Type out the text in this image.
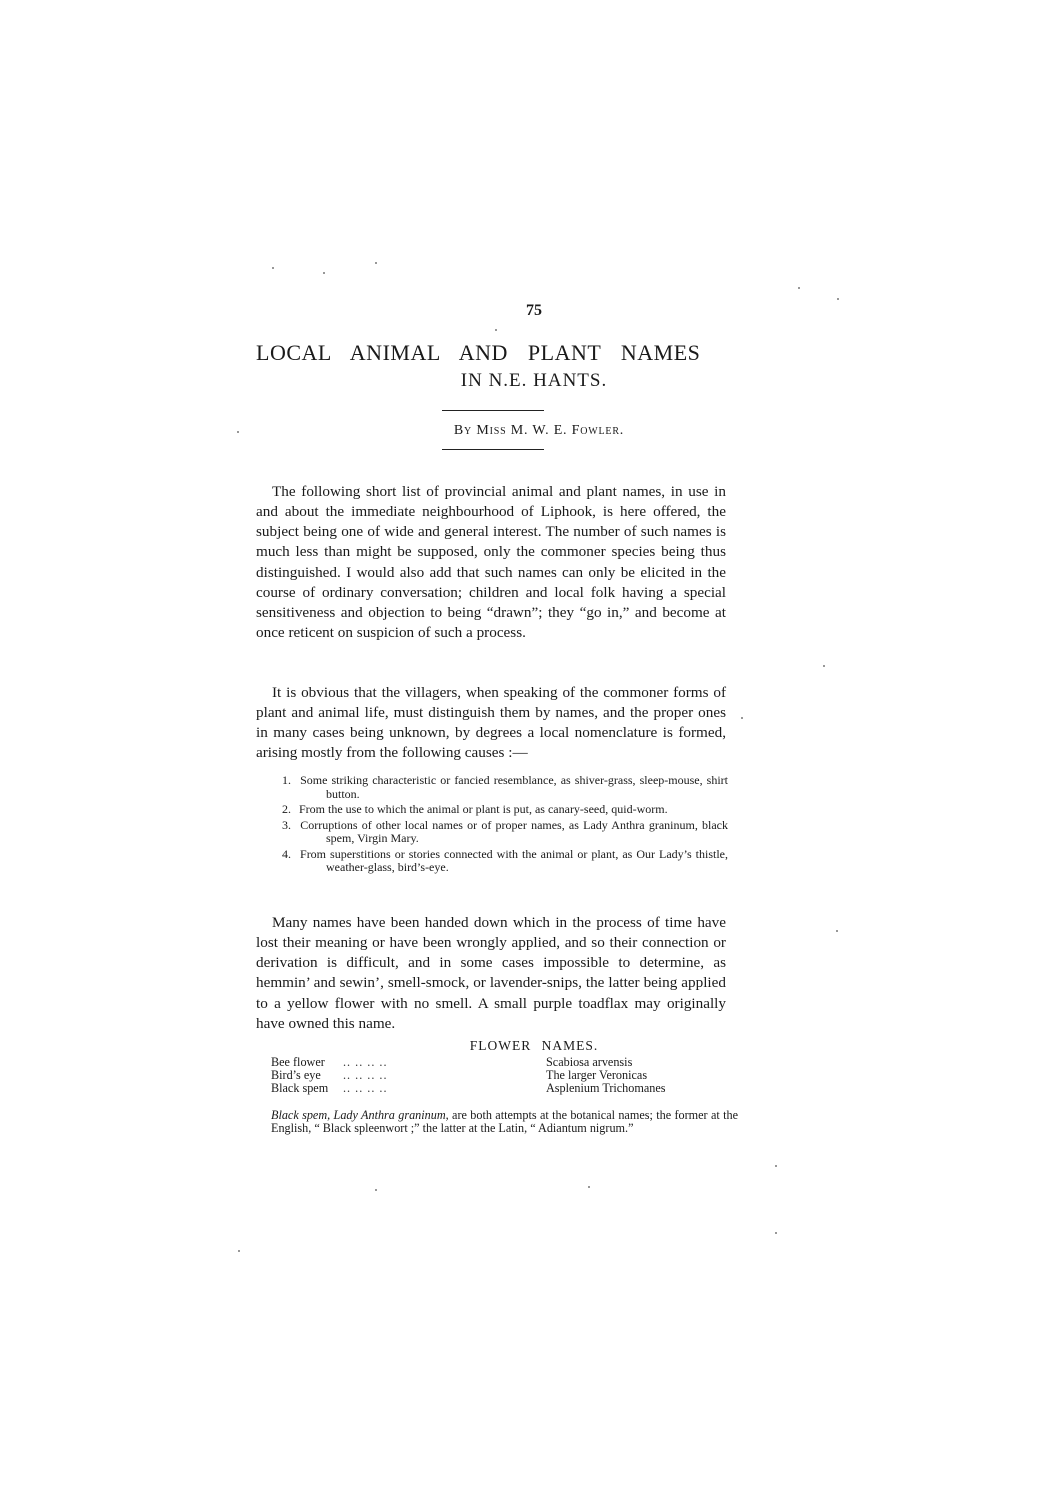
75
LOCAL ANIMAL AND PLANT NAMES
IN N.E. HANTS.
By Miss M. W. E. Fowler.

The following short list of provincial animal and plant names, in use in and about the immediate neighbourhood of Liphook, is here offered, the subject being one of wide and general interest. The number of such names is much less than might be supposed, only the commoner species being thus distinguished. I would also add that such names can only be elicited in the course of ordinary conversation; children and local folk having a special sensitiveness and objection to being “drawn”; they “go in,” and become at once reticent on suspicion of such a process.

It is obvious that the villagers, when speaking of the commoner forms of plant and animal life, must distinguish them by names, and the proper ones in many cases being unknown, by degrees a local nomenclature is formed, arising mostly from the following causes :—

1. Some striking characteristic or fancied resemblance, as shiver-grass, sleep-mouse, shirt button.
2. From the use to which the animal or plant is put, as canary-seed, quid-worm.
3. Corruptions of other local names or of proper names, as Lady Anthra graninum, black spem, Virgin Mary.
4. From superstitions or stories connected with the animal or plant, as Our Lady’s thistle, weather-glass, bird’s-eye.

Many names have been handed down which in the process of time have lost their meaning or have been wrongly applied, and so their connection or derivation is difficult, and in some cases impossible to determine, as hemmin’ and sewin’, smell-smock, or lavender-snips, the latter being applied to a yellow flower with no smell. A small purple toadflax may originally have owned this name.

FLOWER NAMES.
Bee flower .. .. .. ..	Scabiosa arvensis
Bird’s eye .. .. .. ..	The larger Veronicas
Black spem .. .. .. ..	Asplenium Trichomanes

Black spem, Lady Anthra graninum, are both attempts at the botanical names; the former at the English, “ Black spleenwort ;” the latter at the Latin, “ Adiantum nigrum.”
